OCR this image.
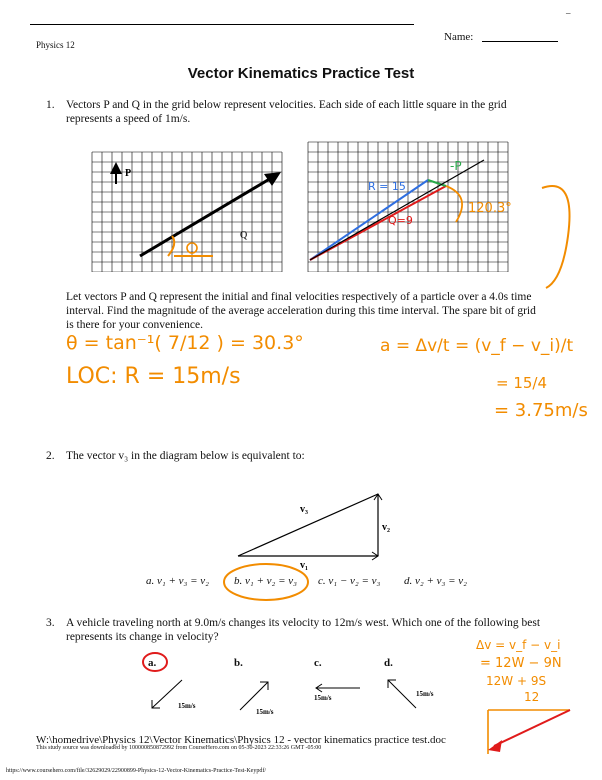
–
Physics 12
Name:
Vector Kinematics Practice Test
1. Vectors P and Q in the grid below represent velocities. Each side of each little square in the grid
represents a speed of 1m/s.
P
Q
R = 15
Q=9
-P
120.3°
Let vectors P and Q represent the initial and final velocities respectively of a particle over a 4.0s time
interval. Find the magnitude of the average acceleration during this time interval. The spare bit of grid
is there for your convenience.
θ = tan⁻¹( 7/12 ) = 30.3°
LOC: R = 15m/s
a = Δv/t = (v_f − v_i)/t
= 15/4
= 3.75m/s
2. The vector v₃ in the diagram below is equivalent to:
v₃
v₂
v₁
a. v₁ + v₃ = v₂ b. v₁ + v₂ = v₃ c. v₁ − v₂ = v₃ d. v₂ + v₃ = v₂
3. A vehicle traveling north at 9.0m/s changes its velocity to 12m/s west. Which one of the following best
represents its change in velocity?
a.	b.	c.	d.
15m/s
15m/s
15m/s	15m/s
Δv = v_f − v_i
= 12W − 9N
12W + 9S
12
W:\homedrive\Physics 12\Vector Kinematics\Physics 12 - vector kinematics practice test.doc
This study source was downloaded by 100000850872992 from CourseHero.com on 05-30-2023 22:33:26 GMT -05:00
https://www.coursehero.com/file/32629029/22900899-Physics-12-Vector-Kinematics-Practice-Test-Keypdf/
